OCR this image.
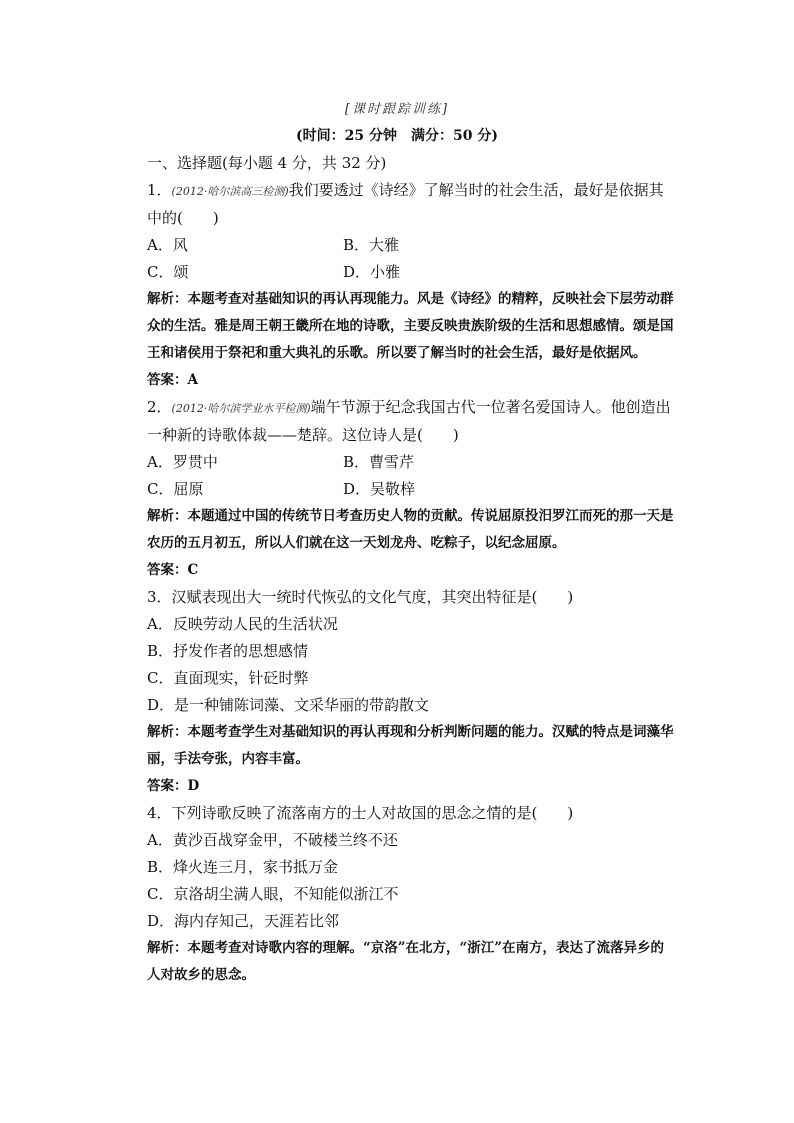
[课时跟踪训练]
(时间：25 分钟　满分：50 分)
一、选择题(每小题 4 分，共 32 分)
1．(2012·哈尔滨高三检测)我们要透过《诗经》了解当时的社会生活，最好是依据其中的(　　)
A．风	B．大雅
C．颂	D．小雅
解析：本题考查对基础知识的再认再现能力。风是《诗经》的精粹，反映社会下层劳动群众的生活。雅是周王朝王畿所在地的诗歌，主要反映贵族阶级的生活和思想感情。颂是国王和诸侯用于祭祀和重大典礼的乐歌。所以要了解当时的社会生活，最好是依据风。
答案：A
2．(2012·哈尔滨学业水平检测)端午节源于纪念我国古代一位著名爱国诗人。他创造出一种新的诗歌体裁——楚辞。这位诗人是(　　)
A．罗贯中	B．曹雪芹
C．屈原	D．吴敬梓
解析：本题通过中国的传统节日考查历史人物的贡献。传说屈原投汨罗江而死的那一天是农历的五月初五，所以人们就在这一天划龙舟、吃粽子，以纪念屈原。
答案：C
3．汉赋表现出大一统时代恢弘的文化气度，其突出特征是(　　)
A．反映劳动人民的生活状况
B．抒发作者的思想感情
C．直面现实，针砭时弊
D．是一种铺陈词藻、文采华丽的带韵散文
解析：本题考查学生对基础知识的再认再现和分析判断问题的能力。汉赋的特点是词藻华丽，手法夸张，内容丰富。
答案：D
4．下列诗歌反映了流落南方的士人对故国的思念之情的是(　　)
A．黄沙百战穿金甲，不破楼兰终不还
B．烽火连三月，家书抵万金
C．京洛胡尘满人眼，不知能似浙江不
D．海内存知己，天涯若比邻
解析：本题考查对诗歌内容的理解。“京洛”在北方，“浙江”在南方，表达了流落异乡的人对故乡的思念。
